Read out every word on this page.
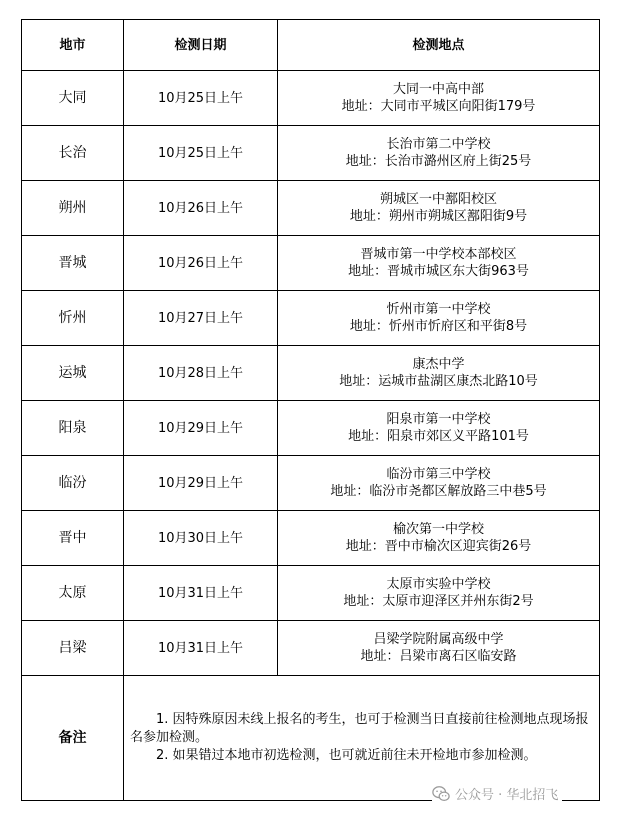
地市	检测日期	检测地点
大同	10月25日上午	大同一中高中部
地址：大同市平城区向阳街179号

长治	10月25日上午	长治市第二中学校
地址：长治市潞州区府上街25号

朔州	10月26日上午	朔城区一中鄯阳校区
地址：朔州市朔城区鄯阳街9号

晋城	10月26日上午	晋城市第一中学校本部校区
地址：晋城市城区东大街963号

忻州	10月27日上午	忻州市第一中学校
地址：忻州市忻府区和平街8号

运城	10月28日上午	康杰中学
地址：运城市盐湖区康杰北路10号

阳泉	10月29日上午	阳泉市第一中学校
地址：阳泉市郊区义平路101号

临汾	10月29日上午	临汾市第三中学校
地址：临汾市尧都区解放路三中巷5号

晋中	10月30日上午	榆次第一中学校
地址：晋中市榆次区迎宾街26号

太原	10月31日上午	太原市实验中学校
地址：太原市迎泽区并州东街2号

吕梁	10月31日上午	吕梁学院附属高级中学
地址：吕梁市离石区临安路

备注	1. 因特殊原因未线上报名的考生，也可于检测当日直接前往检测地点现场报名参加检测。
2. 如果错过本地市初选检测，也可就近前往未开检地市参加检测。	
公众号 · 华北招飞
